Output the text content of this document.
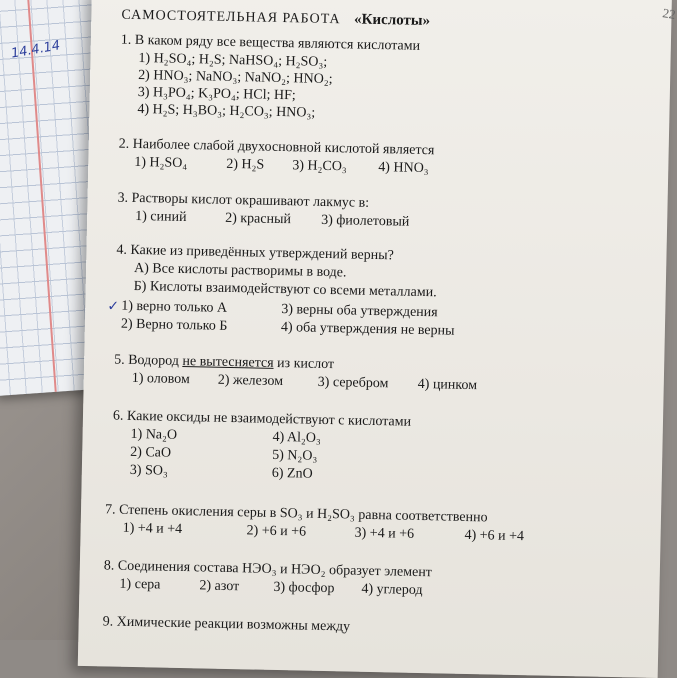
14.4.14
22
САМОСТОЯТЕЛЬНАЯ РАБОТА «Кислоты»
1. В каком ряду все вещества являются кислотами
1) H₂SO₄; H₂S; NaHSO₄; H₂SO₃;
2) HNO₃; NaNO₃; NaNO₂; HNO₂;
3) H₃PO₄; K₃PO₄; HCl; HF;
4) H₂S; H₃BO₃; H₂CO₃; HNO₃;
2. Наиболее слабой двухосновной кислотой является
1) H₂SO₄	2) H₂S 3) H₂CO₃ 4) HNO₃
3. Растворы кислот окрашивают лакмус в:
1) синий	2) красный 3) фиолетовый
4. Какие из приведённых утверждений верны?
А) Все кислоты растворимы в воде.
Б) Кислоты взаимодействуют со всеми металлами.
✓ 1) верно только А	3) верны оба утверждения
2) Верно только Б	4) оба утверждения не верны
5. Водород не вытесняется из кислот
1) оловом 2) железом 3) серебром 4) цинком
6. Какие оксиды не взаимодействуют с кислотами
1) Na₂O	4) Al₂O₃
2) CaO	5) N₂O₃
3) SO₃	6) ZnO
7. Степень окисления серы в SO₃ и H₂SO₃ равна соответственно
1) +4 и +4	2) +6 и +6	3) +4 и +6	4) +6 и +4
8. Соединения состава НЭО₃ и НЭО₂ образует элемент
1) сера	2) азот 3) фосфор 4) углерод
9. Химические реакции возможны между
